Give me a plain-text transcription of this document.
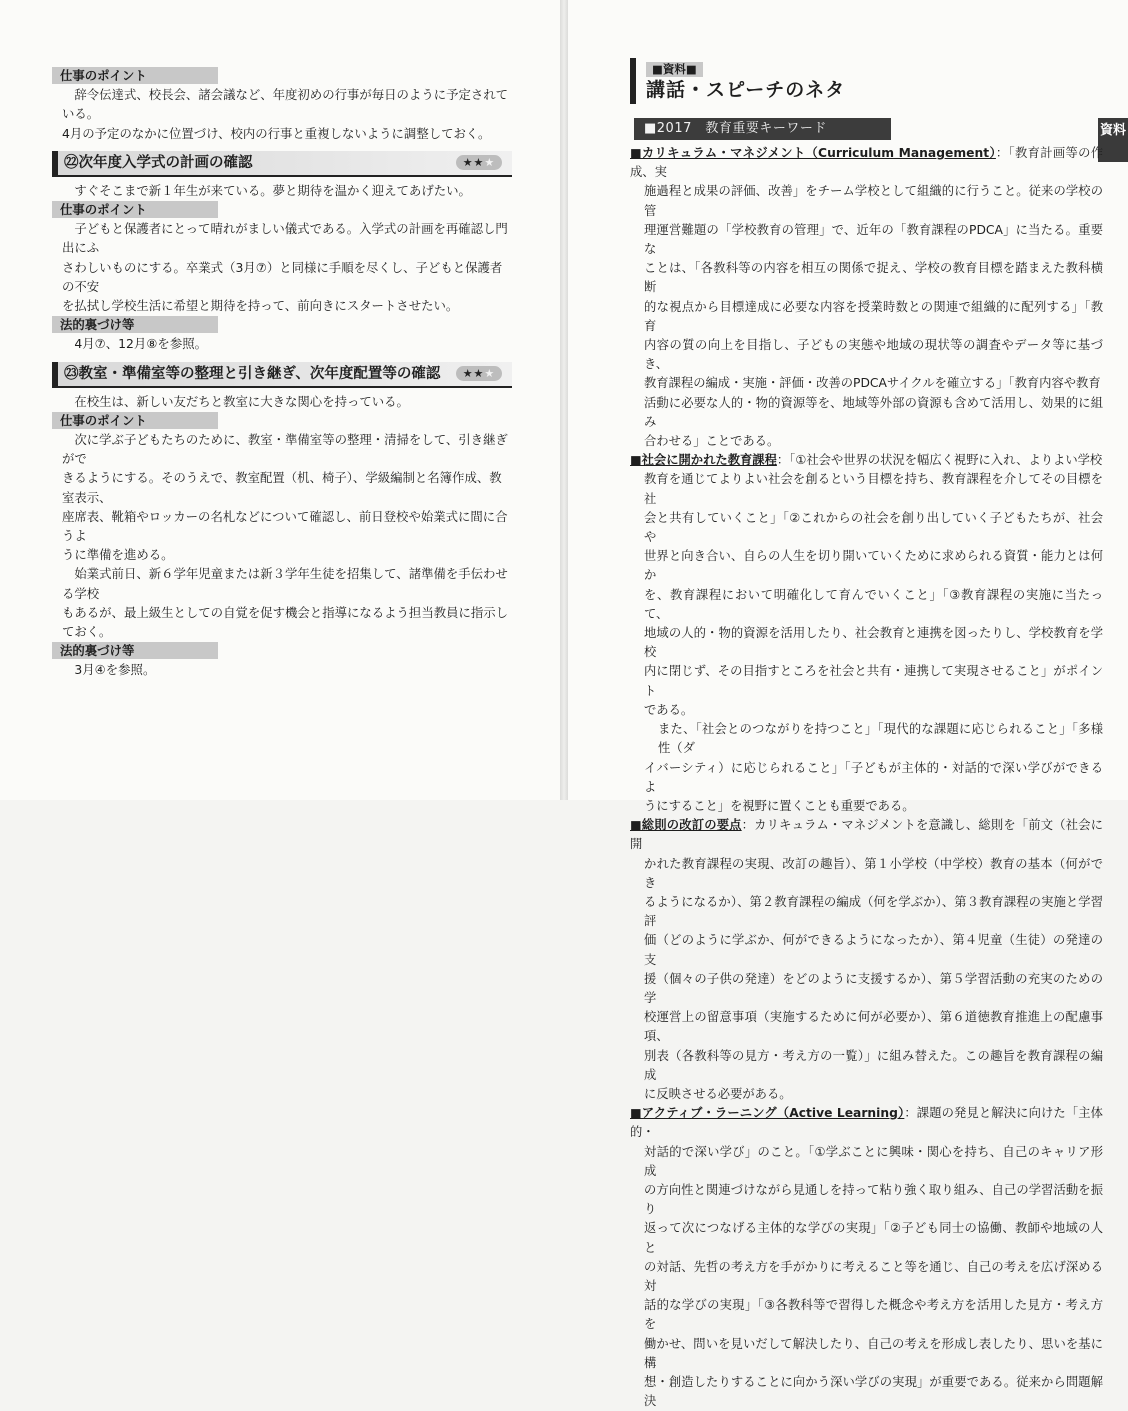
仕事のポイント

辞令伝達式、校長会、諸会議など、年度初めの行事が毎日のように予定されている。

4月の予定のなかに位置づけ、校内の行事と重複しないように調整しておく。

㉒次年度入学式の計画の確認	★★★

すぐそこまで新１年生が来ている。夢と期待を温かく迎えてあげたい。

仕事のポイント

子どもと保護者にとって晴れがましい儀式である。入学式の計画を再確認し門出にふ

さわしいものにする。卒業式（3月⑦）と同様に手順を尽くし、子どもと保護者の不安

を払拭し学校生活に希望と期待を持って、前向きにスタートさせたい。

法的裏づけ等

4月⑦、12月⑧を参照。

㉓教室・準備室等の整理と引き継ぎ、次年度配置等の確認	★★★

在校生は、新しい友だちと教室に大きな関心を持っている。

仕事のポイント

次に学ぶ子どもたちのために、教室・準備室等の整理・清掃をして、引き継ぎがで

きるようにする。そのうえで、教室配置（机、椅子）、学級編制と名簿作成、教室表示、

座席表、靴箱やロッカーの名札などについて確認し、前日登校や始業式に間に合うよ

うに準備を進める。

始業式前日、新６学年児童または新３学年生徒を招集して、諸準備を手伝わせる学校

もあるが、最上級生としての自覚を促す機会と指導になるよう担当教員に指示しておく。

法的裏づけ等

3月④を参照。

■資料■
講話・スピーチのネタ
■2017　教育重要キーワード	資料
■カリキュラム・マネジメント（Curriculum Management）：「教育計画等の作成、実
施過程と成果の評価、改善」をチーム学校として組織的に行うこと。従来の学校の管
理運営難題の「学校教育の管理」で、近年の「教育課程のPDCA」に当たる。重要な
ことは、「各教科等の内容を相互の関係で捉え、学校の教育目標を踏まえた教科横断
的な視点から目標達成に必要な内容を授業時数との関連で組織的に配列する」「教育
内容の質の向上を目指し、子どもの実態や地域の現状等の調査やデータ等に基づき、
教育課程の編成・実施・評価・改善のPDCAサイクルを確立する」「教育内容や教育
活動に必要な人的・物的資源等を、地域等外部の資源も含めて活用し、効果的に組み
合わせる」ことである。
■社会に開かれた教育課程：「①社会や世界の状況を幅広く視野に入れ、よりよい学校
教育を通じてよりよい社会を創るという目標を持ち、教育課程を介してその目標を社
会と共有していくこと」「②これからの社会を創り出していく子どもたちが、社会や
世界と向き合い、自らの人生を切り開いていくために求められる資質・能力とは何か
を、教育課程において明確化して育んでいくこと」「③教育課程の実施に当たって、
地域の人的・物的資源を活用したり、社会教育と連携を図ったりし、学校教育を学校
内に閉じず、その目指すところを社会と共有・連携して実現させること」がポイント
である。
また、「社会とのつながりを持つこと」「現代的な課題に応じられること」「多様性（ダ
イバーシティ）に応じられること」「子どもが主体的・対話的で深い学びができるよ
うにすること」を視野に置くことも重要である。
■総則の改訂の要点：カリキュラム・マネジメントを意識し、総則を「前文（社会に開
かれた教育課程の実現、改訂の趣旨）、第１小学校（中学校）教育の基本（何ができ
るようになるか）、第２教育課程の編成（何を学ぶか）、第３教育課程の実施と学習評
価（どのように学ぶか、何ができるようになったか）、第４児童（生徒）の発達の支
援（個々の子供の発達）をどのように支援するか）、第５学習活動の充実のための学
校運営上の留意事項（実施するために何が必要か）、第６道徳教育推進上の配慮事項、
別表（各教科等の見方・考え方の一覧）」に組み替えた。この趣旨を教育課程の編成
に反映させる必要がある。
■アクティブ・ラーニング（Active Learning）：課題の発見と解決に向けた「主体的・
対話的で深い学び」のこと。「①学ぶことに興味・関心を持ち、自己のキャリア形成
の方向性と関連づけながら見通しを持って粘り強く取り組み、自己の学習活動を振り
返って次につなげる主体的な学びの実現」「②子ども同士の協働、教師や地域の人と
の対話、先哲の考え方を手がかりに考えること等を通じ、自己の考えを広げ深める対
話的な学びの実現」「③各教科等で習得した概念や考え方を活用した見方・考え方を
働かせ、問いを見いだして解決したり、自己の考えを形成し表したり、思いを基に構
想・創造したりすることに向かう深い学びの実現」が重要である。従来から問題解決
